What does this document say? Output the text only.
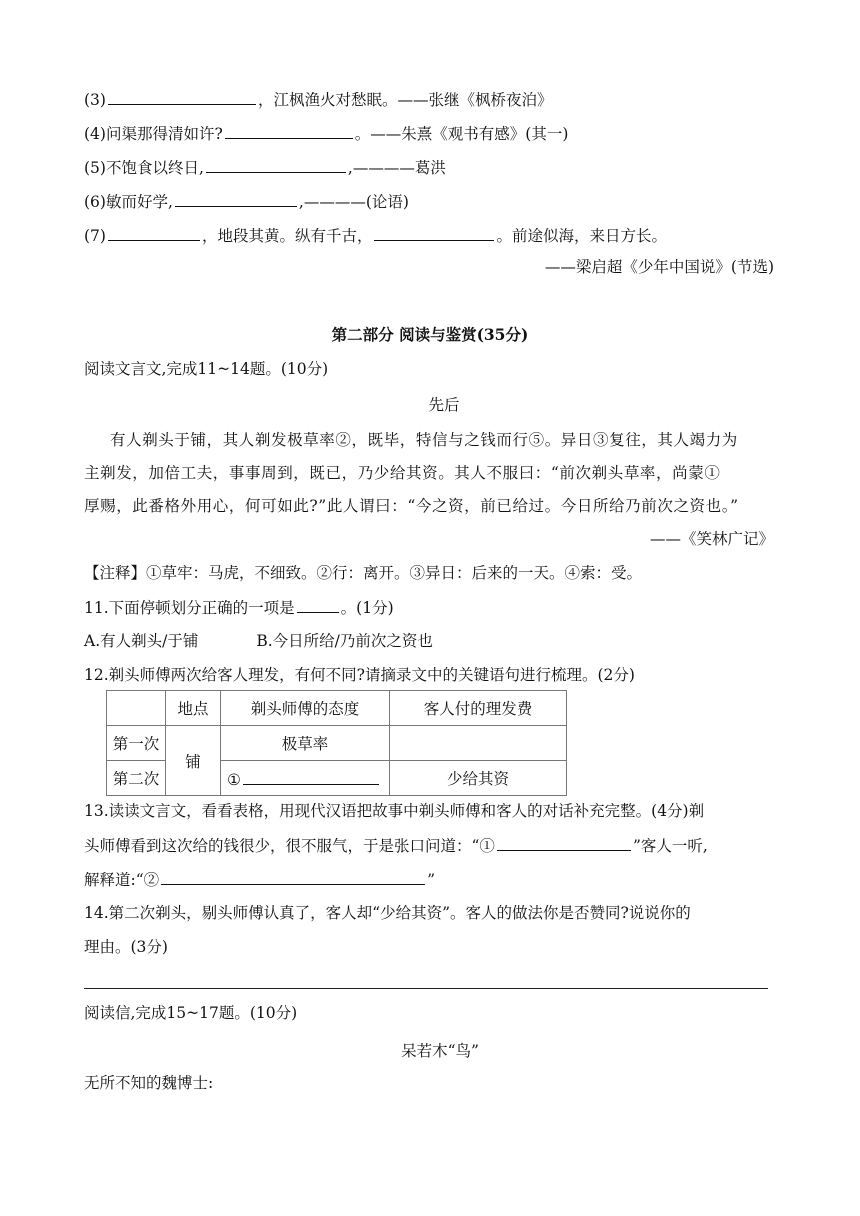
(3)	，江枫渔火对愁眠。——张继《枫桥夜泊》
(4)问渠那得清如许?	。——朱熹《观书有感》(其一)
(5)不饱食以终日,	,————葛洪
(6)敏而好学,	,————(论语)
(7)	，地段其黄。纵有千古，	。前途似海，来日方长。
——梁启超《少年中国说》(节选)
第二部分 阅读与鉴赏(35分)
阅读文言文,完成11~14题。(10分)
先后
有人剃头于铺，其人剃发极草率②，既毕，特信与之钱而行⑤。异日③复往，其人竭力为
主剃发，加倍工夫，事事周到，既已，乃少给其资。其人不服曰：“前次剃头草率，尚蒙①
厚赐，此番格外用心，何可如此?”此人谓曰：“今之资，前已给过。今日所给乃前次之资也。”
——《笑林广记》
【注释】①草牢：马虎，不细致。②行：离开。③异日：后来的一天。④索：受。
11.下面停顿划分正确的一项是	。(1分)
A.有人剃头/于铺	B.今日所给/乃前次之资也
12.剃头师傅两次给客人理发，有何不同?请摘录文中的关键语句进行梳理。(2分)
	地点	剃头师傅的态度	客人付的理发费
第一次	铺	极草率	
第二次		①	少给其资
13.读读文言文，看看表格，用现代汉语把故事中剃头师傅和客人的对话补充完整。(4分)剃
头师傅看到这次给的钱很少，很不服气，于是张口问道：“①	”客人一听,
解释道:“②	”
14.第二次剃头，剔头师傅认真了，客人却“少给其资”。客人的做法你是否赞同?说说你的
理由。(3分)
阅读信,完成15~17题。(10分)
呆若木“鸟”
无所不知的魏博士:
